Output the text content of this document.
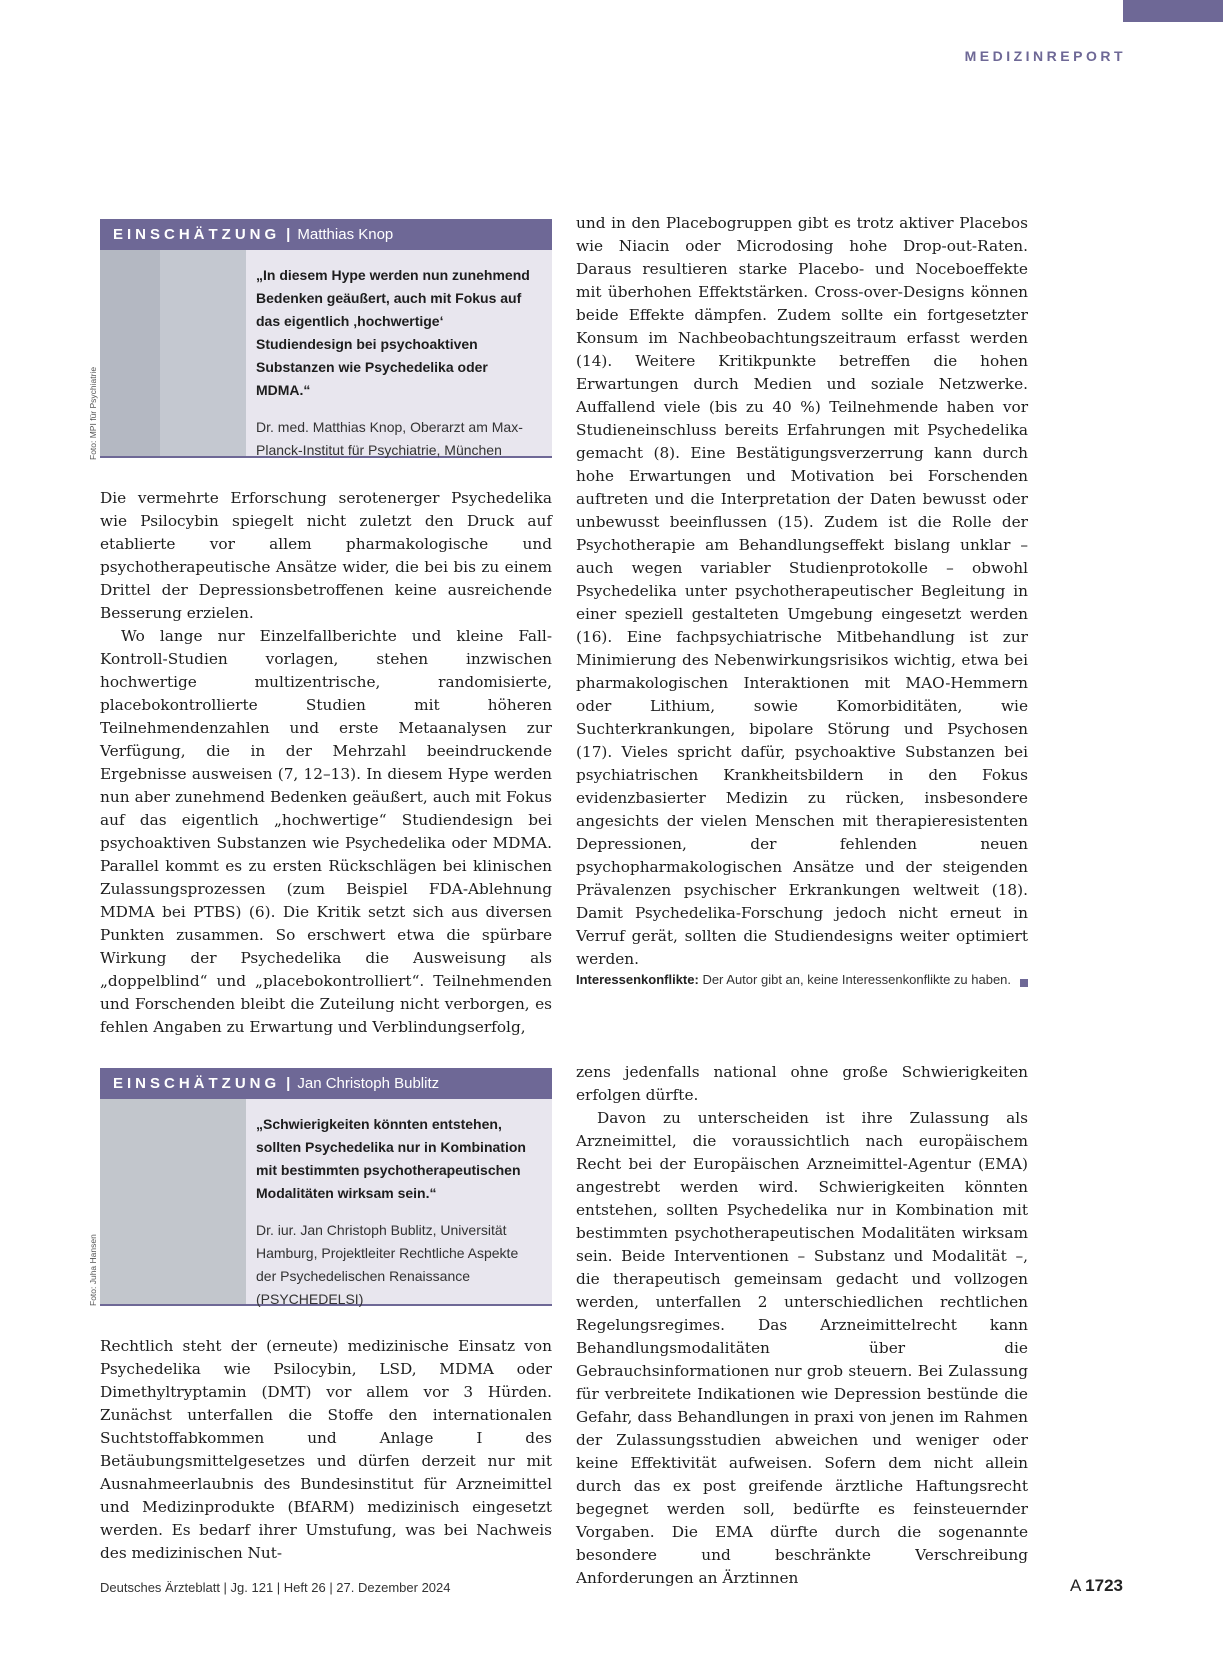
MEDIZINREPORT
EINSCHÄTZUNG | Matthias Knop
„In diesem Hype werden nun zunehmend Bedenken geäußert, auch mit Fokus auf das eigentlich ‚hochwertige‘ Studiendesign bei psychoaktiven Substanzen wie Psychedelika oder MDMA.“
Dr. med. Matthias Knop, Oberarzt am Max-Planck-Institut für Psychiatrie, München
Foto: MPI für Psychiatrie

Die vermehrte Erforschung serotenerger Psychedelika wie Psilocybin spiegelt nicht zuletzt den Druck auf etablierte vor allem pharmakologische und psychotherapeutische Ansätze wider, die bei bis zu einem Drittel der Depressionsbetroffenen keine ausreichende Besserung erzielen.

Wo lange nur Einzelfallberichte und kleine Fall-Kontroll-Studien vorlagen, stehen inzwischen hochwertige multizentrische, randomisierte, placebokontrollierte Studien mit höheren Teilnehmendenzahlen und erste Metaanalysen zur Verfügung, die in der Mehrzahl beeindruckende Ergebnisse ausweisen (7, 12–13). In diesem Hype werden nun aber zunehmend Bedenken geäußert, auch mit Fokus auf das eigentlich „hochwertige“ Studiendesign bei psychoaktiven Substanzen wie Psychedelika oder MDMA. Parallel kommt es zu ersten Rückschlägen bei klinischen Zulassungsprozessen (zum Beispiel FDA-Ablehnung MDMA bei PTBS) (6). Die Kritik setzt sich aus diversen Punkten zusammen. So erschwert etwa die spürbare Wirkung der Psychedelika die Ausweisung als „doppelblind“ und „placebokontrolliert“. Teilnehmenden und Forschenden bleibt die Zuteilung nicht verborgen, es fehlen Angaben zu Erwartung und Verblindungserfolg,

und in den Placebogruppen gibt es trotz aktiver Placebos wie Niacin oder Microdosing hohe Drop-out-Raten. Daraus resultieren starke Placebo- und Noceboeffekte mit überhohen Effektstärken. Cross-over-Designs können beide Effekte dämpfen. Zudem sollte ein fortgesetzter Konsum im Nachbeobachtungszeitraum erfasst werden (14). Weitere Kritikpunkte betreffen die hohen Erwartungen durch Medien und soziale Netzwerke. Auffallend viele (bis zu 40 %) Teilnehmende haben vor Studieneinschluss bereits Erfahrungen mit Psychedelika gemacht (8). Eine Bestätigungsverzerrung kann durch hohe Erwartungen und Motivation bei Forschenden auftreten und die Interpretation der Daten bewusst oder unbewusst beeinflussen (15). Zudem ist die Rolle der Psychotherapie am Behandlungseffekt bislang unklar – auch wegen variabler Studienprotokolle – obwohl Psychedelika unter psychotherapeutischer Begleitung in einer speziell gestalteten Umgebung eingesetzt werden (16). Eine fachpsychiatrische Mitbehandlung ist zur Minimierung des Nebenwirkungsrisikos wichtig, etwa bei pharmakologischen Interaktionen mit MAO-Hemmern oder Lithium, sowie Komorbiditäten, wie Suchterkrankungen, bipolare Störung und Psychosen (17). Vieles spricht dafür, psychoaktive Substanzen bei psychiatrischen Krankheitsbildern in den Fokus evidenzbasierter Medizin zu rücken, insbesondere angesichts der vielen Menschen mit therapieresistenten Depressionen, der fehlenden neuen psychopharmakologischen Ansätze und der steigenden Prävalenzen psychischer Erkrankungen weltweit (18). Damit Psychedelika-Forschung jedoch nicht erneut in Verruf gerät, sollten die Studiendesigns weiter optimiert werden.

Interessenkonflikte: Der Autor gibt an, keine Interessenkonflikte zu haben.
EINSCHÄTZUNG | Jan Christoph Bublitz
„Schwierigkeiten könnten entstehen, sollten Psychedelika nur in Kombination mit bestimmten psychotherapeutischen Modalitäten wirksam sein.“
Dr. iur. Jan Christoph Bublitz, Universität Hamburg, Projektleiter Rechtliche Aspekte der Psychedelischen Renaissance (PSYCHEDELSI)
Foto: Juha Hansen

Rechtlich steht der (erneute) medizinische Einsatz von Psychedelika wie Psilocybin, LSD, MDMA oder Dimethyltryptamin (DMT) vor allem vor 3 Hürden. Zunächst unterfallen die Stoffe den internationalen Suchtstoffabkommen und Anlage I des Betäubungsmittelgesetzes und dürfen derzeit nur mit Ausnahmeerlaubnis des Bundesinstitut für Arzneimittel und Medizinprodukte (BfARM) medizinisch eingesetzt werden. Es bedarf ihrer Umstufung, was bei Nachweis des medizinischen Nut-

zens jedenfalls national ohne große Schwierigkeiten erfolgen dürfte.

Davon zu unterscheiden ist ihre Zulassung als Arzneimittel, die voraussichtlich nach europäischem Recht bei der Europäischen Arzneimittel-Agentur (EMA) angestrebt werden wird. Schwierigkeiten könnten entstehen, sollten Psychedelika nur in Kombination mit bestimmten psychotherapeutischen Modalitäten wirksam sein. Beide Interventionen – Substanz und Modalität –, die therapeutisch gemeinsam gedacht und vollzogen werden, unterfallen 2 unterschiedlichen rechtlichen Regelungsregimes. Das Arzneimittelrecht kann Behandlungsmodalitäten über die Gebrauchsinformationen nur grob steuern. Bei Zulassung für verbreitete Indikationen wie Depression bestünde die Gefahr, dass Behandlungen in praxi von jenen im Rahmen der Zulassungsstudien abweichen und weniger oder keine Effektivität aufweisen. Sofern dem nicht allein durch das ex post greifende ärztliche Haftungsrecht begegnet werden soll, bedürfte es feinsteuernder Vorgaben. Die EMA dürfte durch die sogenannte besondere und beschränkte Verschreibung Anforderungen an Ärztinnen

Deutsches Ärzteblatt | Jg. 121 | Heft 26 | 27. Dezember 2024	A 1723
